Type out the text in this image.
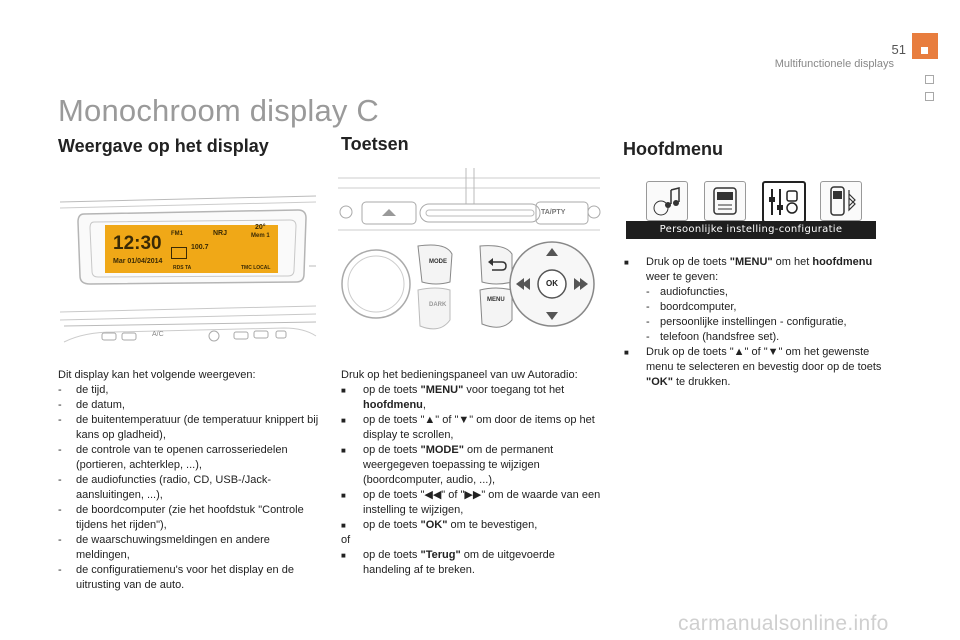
51
Multifunctionele displays
Monochroom display C
Weergave op het display
12:30
Mar 01/04/2014
FM1	NRJ
20°
Mem 1
100.7
RDS TA	TMC LOCAL
A/C
Dit display kan het volgende weergeven:
- de tijd,
- de datum,
- de buitentemperatuur (de temperatuur knippert bij kans op gladheid),
- de controle van te openen carrosseriedelen (portieren, achterklep, ...),
- de audiofuncties (radio, CD, USB-/Jack-aansluitingen, ...),
- de boordcomputer (zie het hoofdstuk "Controle tijdens het rijden"),
- de waarschuwingsmeldingen en andere meldingen,
- de configuratiemenu's voor het display en de uitrusting van de auto.
Toetsen
MODE
DARK
MENU
OK
TA/PTY
Druk op het bedieningspaneel van uw Autoradio:
■ op de toets "MENU" voor toegang tot het hoofdmenu,
■ op de toets "▲" of "▼" om door de items op het display te scrollen,
■ op de toets "MODE" om de permanent weergegeven toepassing te wijzigen (boordcomputer, audio, ...),
■ op de toets "◀◀" of "▶▶" om de waarde van een instelling te wijzigen,
■ op de toets "OK" om te bevestigen,
of
■ op de toets "Terug" om de uitgevoerde handeling af te breken.
Hoofdmenu
Persoonlijke instelling-configuratie
■ Druk op de toets "MENU" om het hoofdmenu weer te geven:
- audiofuncties,
- boordcomputer,
- persoonlijke instellingen - configuratie,
- telefoon (handsfree set).
■ Druk op de toets "▲" of "▼" om het gewenste menu te selecteren en bevestig door op de toets "OK" te drukken.
carmanualsonline.info
